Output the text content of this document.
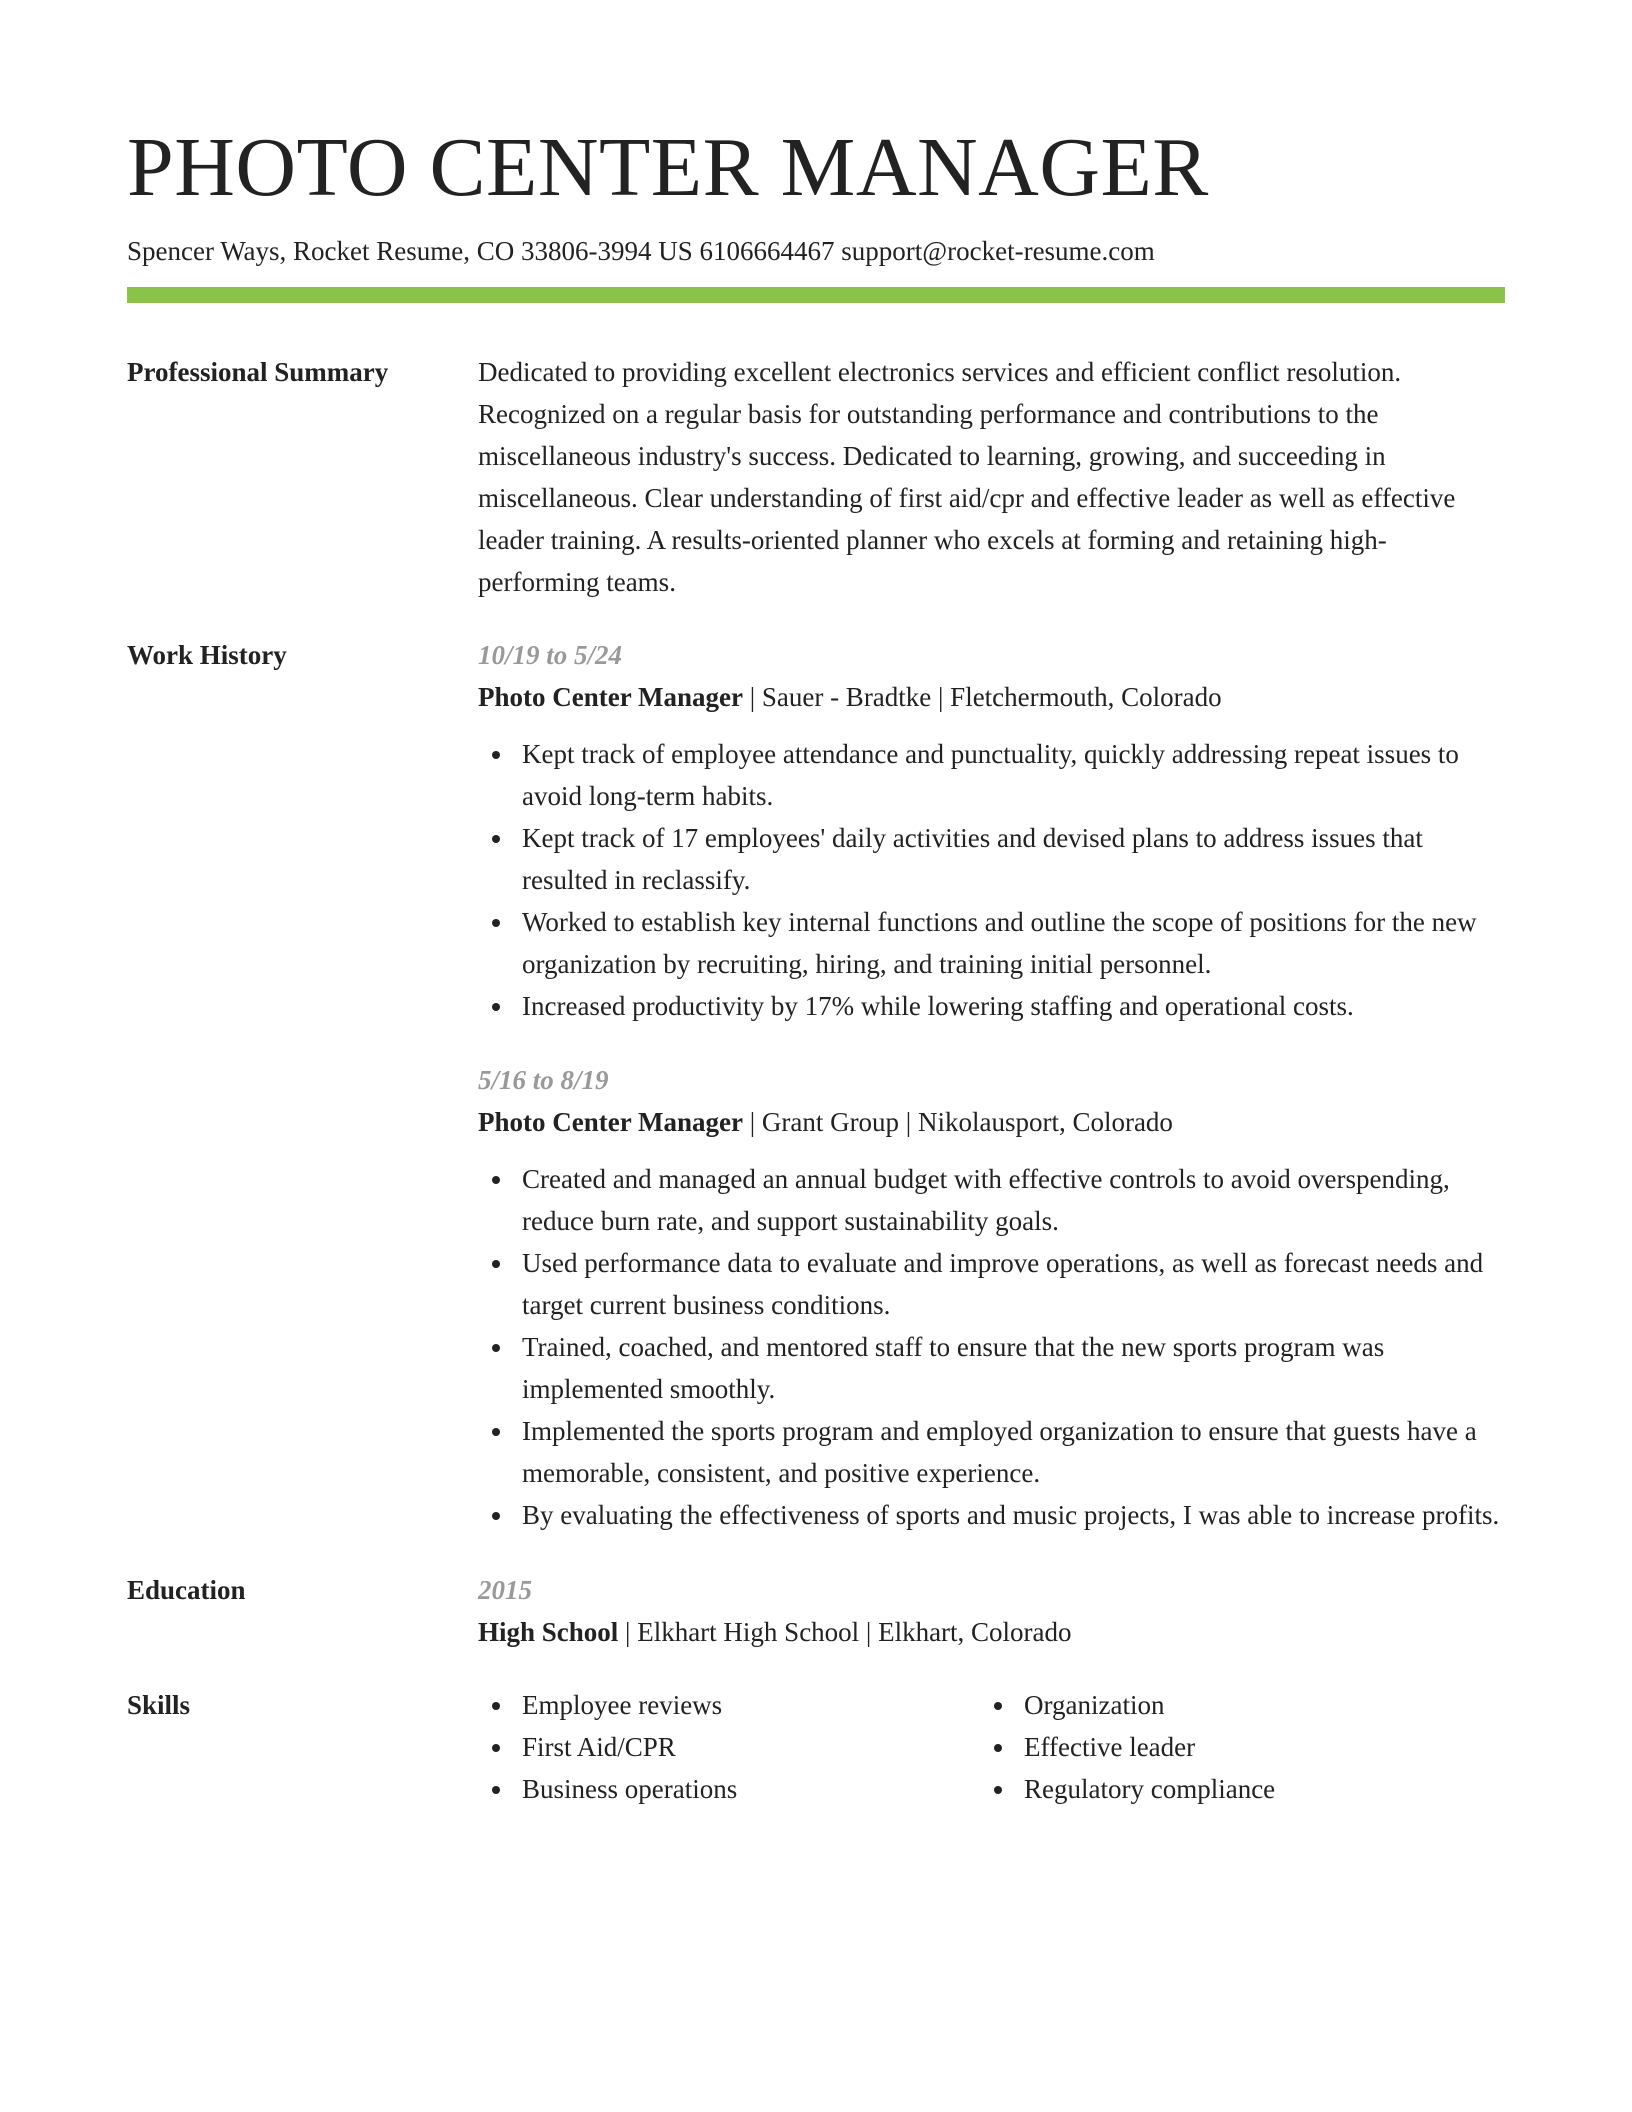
PHOTO CENTER MANAGER
Spencer Ways, Rocket Resume, CO 33806-3994 US 6106664467 support@rocket-resume.com
Professional Summary	Dedicated to providing excellent electronics services and efficient conflict resolution. Recognized on a regular basis for outstanding performance and contributions to the miscellaneous industry's success. Dedicated to learning, growing, and succeeding in miscellaneous. Clear understanding of first aid/cpr and effective leader as well as effective leader training. A results-oriented planner who excels at forming and retaining high-performing teams.
Work History	10/19 to 5/24
Photo Center Manager | Sauer - Bradtke | Fletchermouth, Colorado
Kept track of employee attendance and punctuality, quickly addressing repeat issues to avoid long-term habits.
Kept track of 17 employees' daily activities and devised plans to address issues that resulted in reclassify.
Worked to establish key internal functions and outline the scope of positions for the new organization by recruiting, hiring, and training initial personnel.
Increased productivity by 17% while lowering staffing and operational costs.
5/16 to 8/19
Photo Center Manager | Grant Group | Nikolausport, Colorado
Created and managed an annual budget with effective controls to avoid overspending, reduce burn rate, and support sustainability goals.
Used performance data to evaluate and improve operations, as well as forecast needs and target current business conditions.
Trained, coached, and mentored staff to ensure that the new sports program was implemented smoothly.
Implemented the sports program and employed organization to ensure that guests have a memorable, consistent, and positive experience.
By evaluating the effectiveness of sports and music projects, I was able to increase profits.
Education	2015
High School | Elkhart High School | Elkhart, Colorado
Skills	Employee reviews
First Aid/CPR
Business operations
Organization
Effective leader
Regulatory compliance
